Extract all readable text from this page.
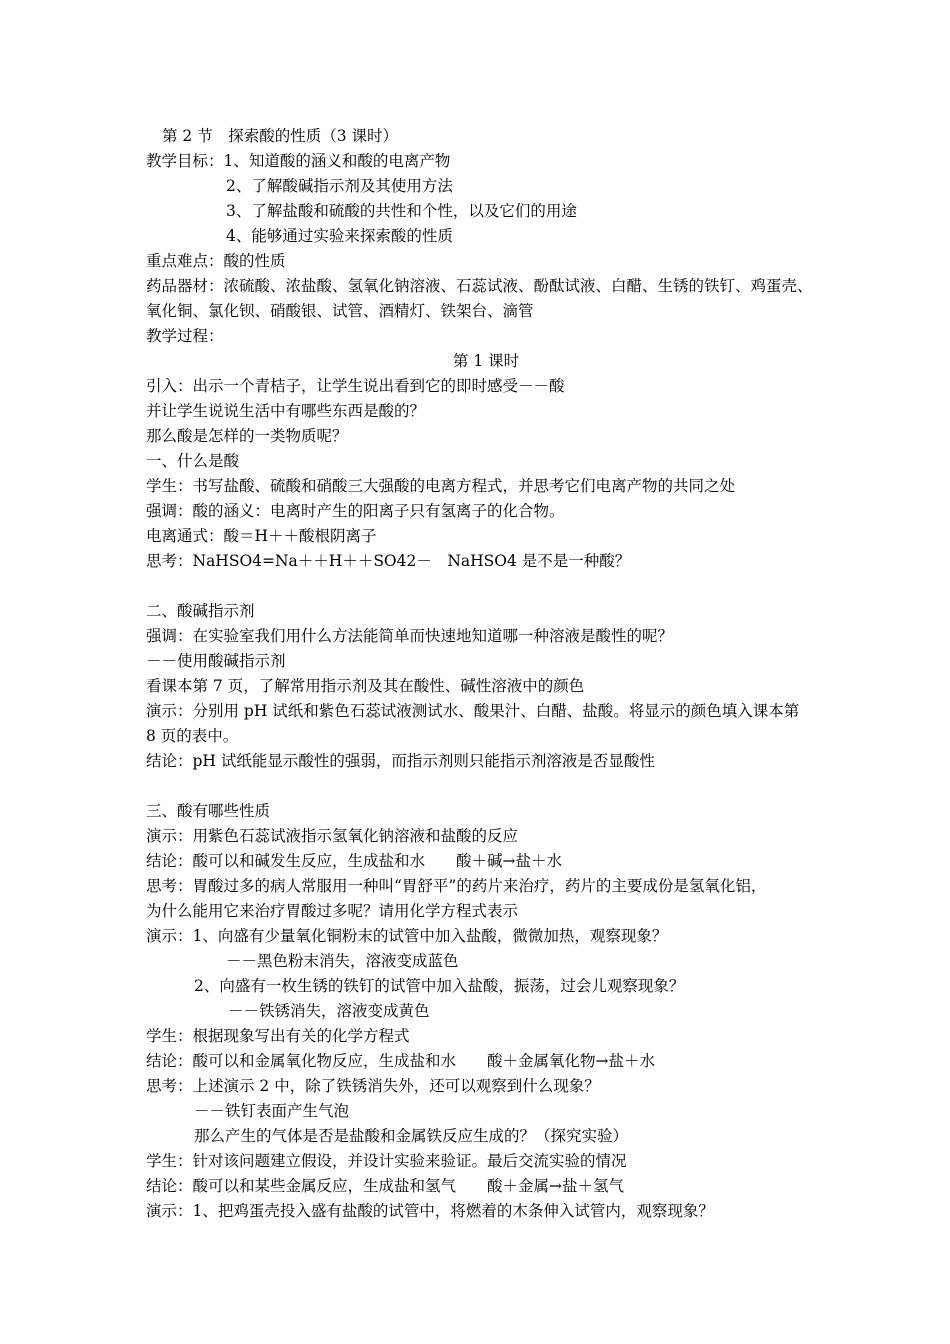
第 2 节　探索酸的性质（3 课时）
教学目标：1、知道酸的涵义和酸的电离产物
2、了解酸碱指示剂及其使用方法
3、了解盐酸和硫酸的共性和个性，以及它们的用途
4、能够通过实验来探索酸的性质
重点难点：酸的性质
药品器材：浓硫酸、浓盐酸、氢氧化钠溶液、石蕊试液、酚酞试液、白醋、生锈的铁钉、鸡蛋壳、
氧化铜、氯化钡、硝酸银、试管、酒精灯、铁架台、滴管
教学过程：
第 1 课时
引入：出示一个青桔子，让学生说出看到它的即时感受－－酸
并让学生说说生活中有哪些东西是酸的？
那么酸是怎样的一类物质呢？
一、什么是酸
学生：书写盐酸、硫酸和硝酸三大强酸的电离方程式，并思考它们电离产物的共同之处
强调：酸的涵义：电离时产生的阳离子只有氢离子的化合物。
电离通式：酸＝H＋＋酸根阴离子
思考：NaHSO4=Na＋＋H＋＋SO42－　NaHSO4 是不是一种酸？
二、酸碱指示剂
强调：在实验室我们用什么方法能简单而快速地知道哪一种溶液是酸性的呢？
－－使用酸碱指示剂
看课本第 7 页，了解常用指示剂及其在酸性、碱性溶液中的颜色
演示：分别用 pH 试纸和紫色石蕊试液测试水、酸果汁、白醋、盐酸。将显示的颜色填入课本第
8 页的表中。
结论：pH 试纸能显示酸性的强弱，而指示剂则只能指示剂溶液是否显酸性
三、酸有哪些性质
演示：用紫色石蕊试液指示氢氧化钠溶液和盐酸的反应
结论：酸可以和碱发生反应，生成盐和水　　酸＋碱→盐＋水
思考：胃酸过多的病人常服用一种叫“胃舒平”的药片来治疗，药片的主要成份是氢氧化铝，
为什么能用它来治疗胃酸过多呢？请用化学方程式表示
演示：1、向盛有少量氧化铜粉末的试管中加入盐酸，微微加热，观察现象？
－－黑色粉末消失，溶液变成蓝色
2、向盛有一枚生锈的铁钉的试管中加入盐酸，振荡，过会儿观察现象？
－－铁锈消失，溶液变成黄色
学生：根据现象写出有关的化学方程式
结论：酸可以和金属氧化物反应，生成盐和水　　酸＋金属氧化物→盐＋水
思考：上述演示 2 中，除了铁锈消失外，还可以观察到什么现象？
－－铁钉表面产生气泡
那么产生的气体是否是盐酸和金属铁反应生成的？（探究实验）
学生：针对该问题建立假设，并设计实验来验证。最后交流实验的情况
结论：酸可以和某些金属反应，生成盐和氢气　　酸＋金属→盐＋氢气
演示：1、把鸡蛋壳投入盛有盐酸的试管中，将燃着的木条伸入试管内，观察现象？
